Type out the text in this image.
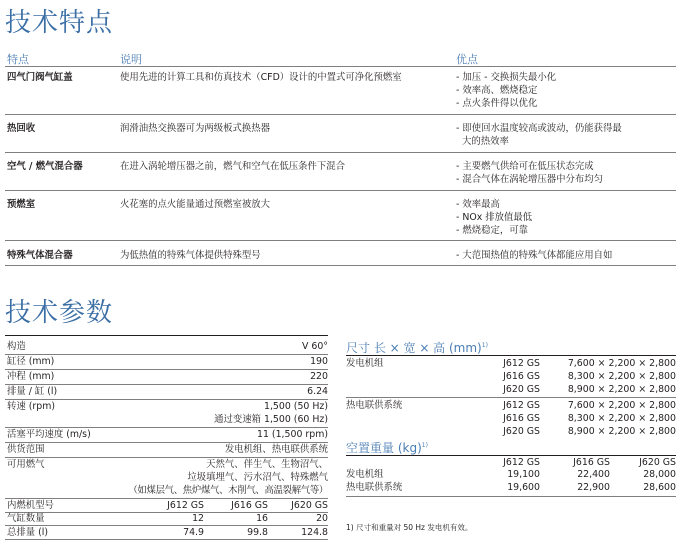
技术特点
特点	说明	优点
四气门阀气缸盖	使用先进的计算工具和仿真技术（CFD）设计的中置式可净化预燃室	- 加压 - 交换损失最小化
- 效率高、燃烧稳定
- 点火条件得以优化
热回收	润滑油热交换器可为两级板式换热器	- 即使回水温度较高或波动，仍能获得最
大的热效率
空气 / 燃气混合器	在进入涡轮增压器之前，燃气和空气在低压条件下混合	- 主要燃气供给可在低压状态完成
- 混合气体在涡轮增压器中分布均匀
预燃室	火花塞的点火能量通过预燃室被放大	- 效率最高
- NOx 排放值最低
- 燃烧稳定，可靠
特殊气体混合器	为低热值的特殊气体提供特殊型号	- 大范围热值的特殊气体都能应用自如
技术参数
构造	V 60°
缸径 (mm)	190
冲程 (mm)	220
排量 / 缸 (l)	6.24
转速 (rpm)	1,500 (50 Hz)
通过变速箱 1,500 (60 Hz)
活塞平均速度 (m/s)	11 (1,500 rpm)
供货范围	发电机组、热电联供系统
可用燃气	天然气、伴生气、生物沼气、
垃圾填埋气、污水沼气、特殊燃气
（如煤层气、焦炉煤气、木削气、高温裂解气等）
内燃机型号	J612 GS	J616 GS	J620 GS
气缸数量	12	16	20
总排量 (l)	74.9	99.8	124.8
尺寸 长 × 宽 × 高 (mm)$^{1)}$
发电机组	J612 GS	7,600 × 2,200 × 2,800
J616 GS	8,300 × 2,200 × 2,800
J620 GS	8,900 × 2,200 × 2,800
热电联供系统	J612 GS	7,600 × 2,200 × 2,800
J616 GS	8,300 × 2,200 × 2,800
J620 GS	8,900 × 2,200 × 2,800
空置重量 (kg)$^{1)}$
J612 GS	J616 GS	J620 GS
发电机组	19,100	22,400	28,000
热电联供系统	19,600	22,900	28,600
1) 尺寸和重量对 50 Hz 发电机有效。
